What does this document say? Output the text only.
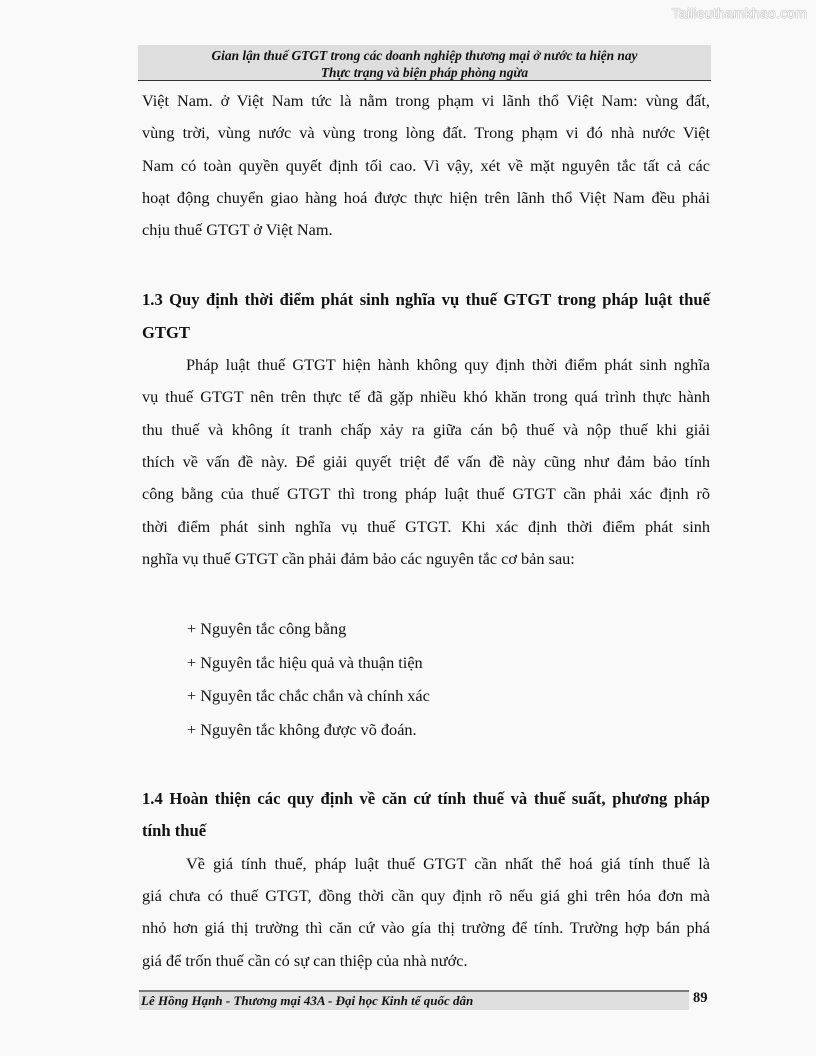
Tailieuthamkhao.com
Gian lận thuế GTGT trong các doanh nghiệp thương mại ở nước ta hiện nay
Thực trạng và biện pháp phòng ngừa

Việt Nam. ở Việt Nam tức là nằm trong phạm vi lãnh thổ Việt Nam: vùng đất,
vùng trời, vùng nước và vùng trong lòng đất. Trong phạm vi đó nhà nước Việt
Nam có toàn quyền quyết định tối cao. Vì vậy, xét về mặt nguyên tắc tất cả các
hoạt động chuyển giao hàng hoá được thực hiện trên lãnh thổ Việt Nam đều phải
chịu thuế GTGT ở Việt Nam.

1.3 Quy định thời điểm phát sinh nghĩa vụ thuế GTGT trong pháp luật thuế
GTGT

Pháp luật thuế GTGT hiện hành không quy định thời điểm phát sinh nghĩa
vụ thuế GTGT nên trên thực tế đã gặp nhiều khó khăn trong quá trình thực hành
thu thuế và không ít tranh chấp xảy ra giữa cán bộ thuế và nộp thuế khi giải
thích về vấn đề này. Để giải quyết triệt để vấn đề này cũng như đảm bảo tính
công bằng của thuế GTGT thì trong pháp luật thuế GTGT cần phải xác định rõ
thời điểm phát sinh nghĩa vụ thuế GTGT. Khi xác định thời điểm phát sinh
nghĩa vụ thuế GTGT cần phải đảm bảo các nguyên tắc cơ bản sau:

+ Nguyên tắc công bằng
+ Nguyên tắc hiệu quả và thuận tiện
+ Nguyên tắc chắc chắn và chính xác
+ Nguyên tắc không được võ đoán.
1.4 Hoàn thiện các quy định về căn cứ tính thuế và thuế suất, phương pháp
tính thuế

Về giá tính thuế, pháp luật thuế GTGT cần nhất thể hoá giá tính thuế là
giá chưa có thuế GTGT, đồng thời cần quy định rõ nếu giá ghi trên hóa đơn mà
nhỏ hơn giá thị trường thì căn cứ vào gía thị trường để tính. Trường hợp bán phá
giá để trốn thuế cần có sự can thiệp của nhà nước.

Lê Hồng Hạnh - Thương mại 43A - Đại học Kinh tế quốc dân	89
